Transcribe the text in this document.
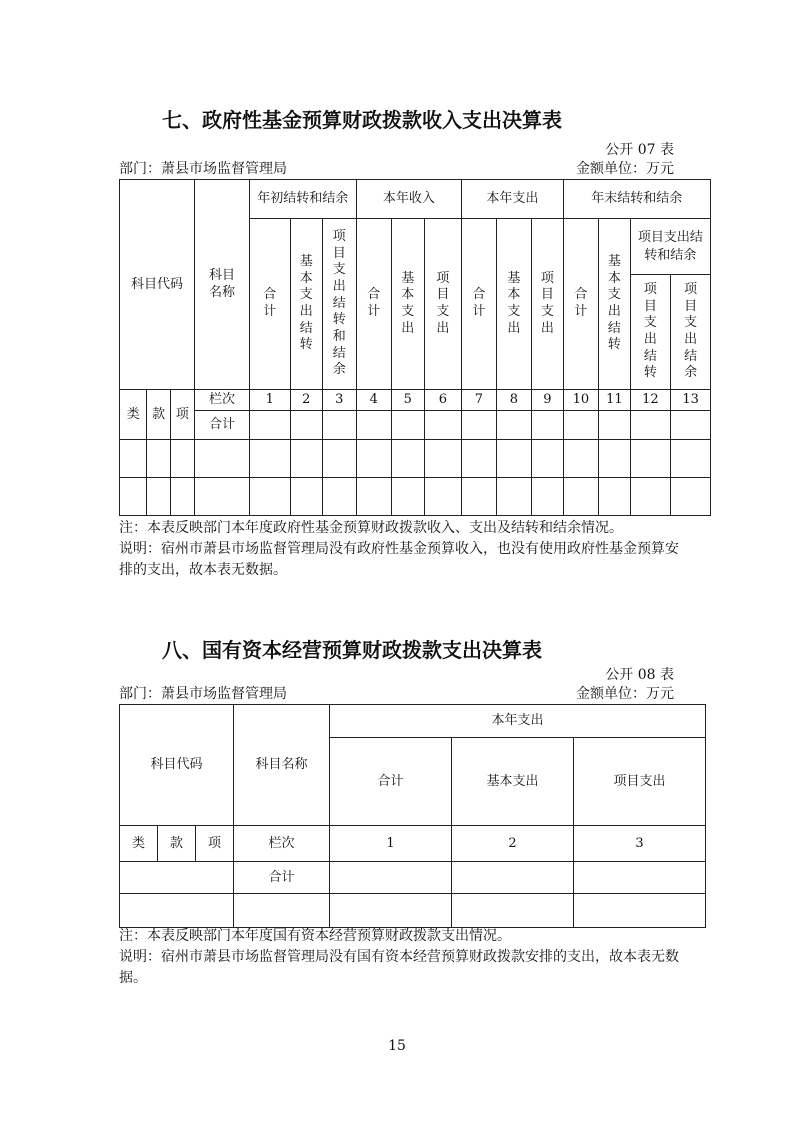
七、政府性基金预算财政拨款收入支出决算表
公开 07 表
部门：萧县市场监督管理局	金额单位：万元
科目代码			科目名称	年初结转和结余			本年收入			本年支出			年末结转和结余			
				合计	基本支出结转	项目支出结转和结余	合计	基本支出	项目支出	合计	基本支出	项目支出	合计	基本支出结转	项目支出结转和结余	
															项目支出结转	项目支出结余
类	款	项	栏次	1	2	3	4	5	6	7	8	9	10	11	12	13
			合计													

注：本表反映部门本年度政府性基金预算财政拨款收入、支出及结转和结余情况。
说明：宿州市萧县市场监督管理局没有政府性基金预算收入，也没有使用政府性基金预算安排的支出，故本表无数据。
八、国有资本经营预算财政拨款支出决算表
公开 08 表
部门：萧县市场监督管理局	金额单位：万元
科目代码			科目名称	本年支出		
				合计	基本支出	项目支出
类	款	项	栏次	1	2	3
			合计			

注：本表反映部门本年度国有资本经营预算财政拨款支出情况。
说明：宿州市萧县市场监督管理局没有国有资本经营预算财政拨款安排的支出，故本表无数据。
15
